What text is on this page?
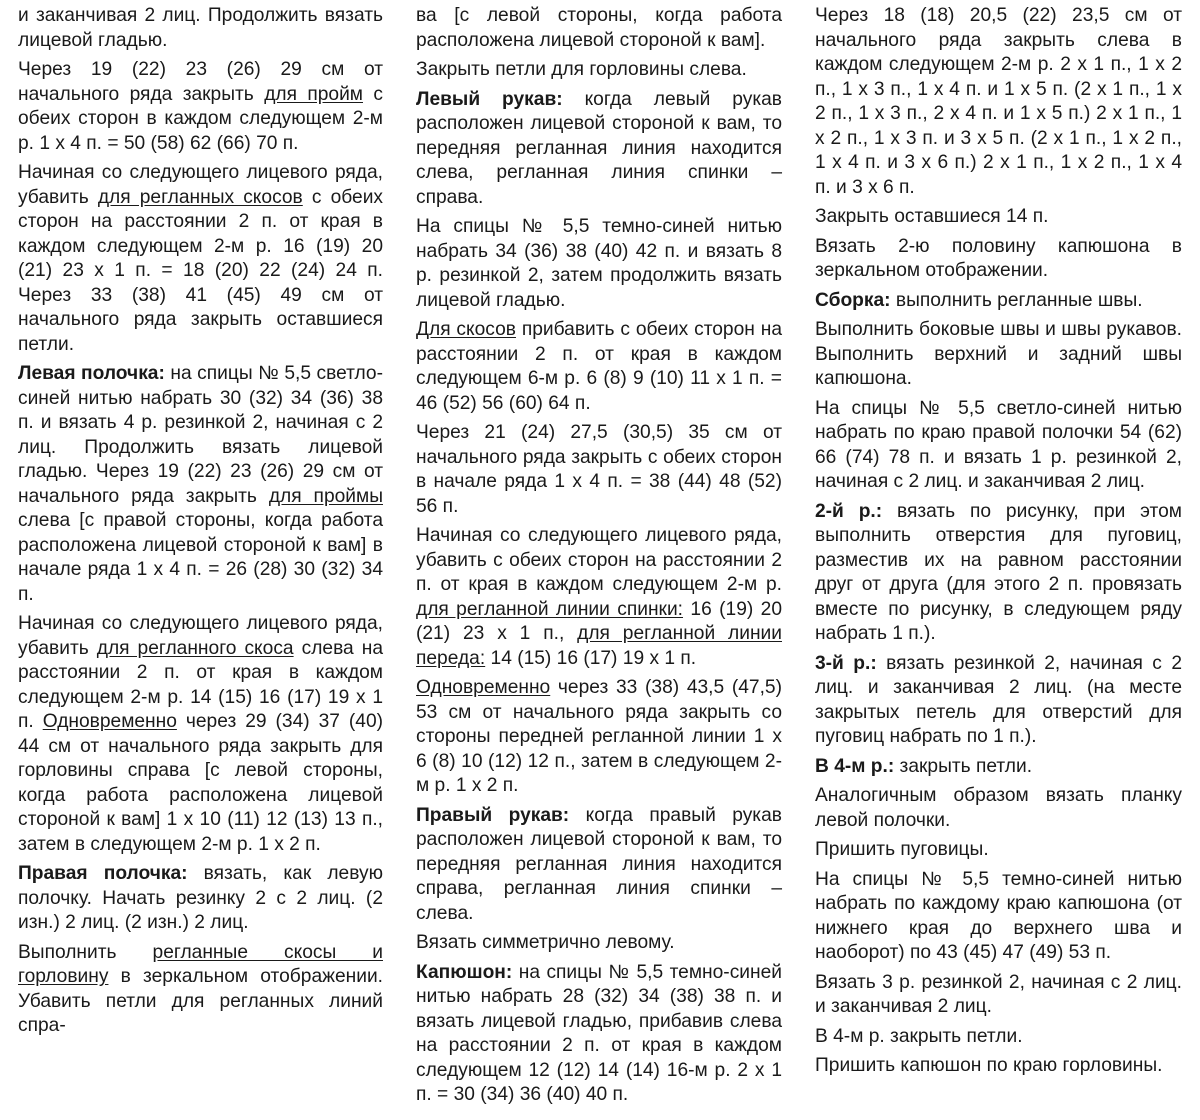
и заканчивая 2 лиц. Продолжить вязать лицевой гладью.

Через 19 (22) 23 (26) 29 см от начального ряда закрыть для пройм с обеих сторон в каждом следующем 2-м р. 1 x 4 п. = 50 (58) 62 (66) 70 п.

Начиная со следующего лицевого ряда, убавить для регланных скосов с обеих сторон на расстоянии 2 п. от края в каждом следующем 2-м р. 16 (19) 20 (21) 23 x 1 п. = 18 (20) 22 (24) 24 п. Через 33 (38) 41 (45) 49 см от начального ряда закрыть оставшиеся петли.

Левая полочка: на спицы № 5,5 светло-синей нитью набрать 30 (32) 34 (36) 38 п. и вязать 4 р. резинкой 2, начиная с 2 лиц. Продолжить вязать лицевой гладью. Через 19 (22) 23 (26) 29 см от начального ряда закрыть для проймы слева [с правой стороны, когда работа расположена лицевой стороной к вам] в начале ряда 1 x 4 п. = 26 (28) 30 (32) 34 п.

Начиная со следующего лицевого ряда, убавить для регланного скоса слева на расстоянии 2 п. от края в каждом следующем 2-м р. 14 (15) 16 (17) 19 x 1 п. Одновременно через 29 (34) 37 (40) 44 см от начального ряда закрыть для горловины справа [с левой стороны, когда работа расположена лицевой стороной к вам] 1 x 10 (11) 12 (13) 13 п., затем в следующем 2-м р. 1 x 2 п.

Правая полочка: вязать, как левую полочку. Начать резинку 2 с 2 лиц. (2 изн.) 2 лиц. (2 изн.) 2 лиц.

Выполнить регланные скосы и горловину в зеркальном отображении. Убавить петли для регланных линий спра-

ва [с левой стороны, когда работа расположена лицевой стороной к вам].

Закрыть петли для горловины слева.

Левый рукав: когда левый рукав расположен лицевой стороной к вам, то передняя регланная линия находится слева, регланная линия спинки – справа.

На спицы № 5,5 темно-синей нитью набрать 34 (36) 38 (40) 42 п. и вязать 8 р. резинкой 2, затем продолжить вязать лицевой гладью.

Для скосов прибавить с обеих сторон на расстоянии 2 п. от края в каждом следующем 6-м р. 6 (8) 9 (10) 11 x 1 п. = 46 (52) 56 (60) 64 п.

Через 21 (24) 27,5 (30,5) 35 см от начального ряда закрыть с обеих сторон в начале ряда 1 x 4 п. = 38 (44) 48 (52) 56 п.

Начиная со следующего лицевого ряда, убавить с обеих сторон на расстоянии 2 п. от края в каждом следующем 2-м р. для регланной линии спинки: 16 (19) 20 (21) 23 x 1 п., для регланной линии переда: 14 (15) 16 (17) 19 x 1 п.

Одновременно через 33 (38) 43,5 (47,5) 53 см от начального ряда закрыть со стороны передней регланной линии 1 x 6 (8) 10 (12) 12 п., затем в следующем 2-м р. 1 x 2 п.

Правый рукав: когда правый рукав расположен лицевой стороной к вам, то передняя регланная линия находится справа, регланная линия спинки – слева.

Вязать симметрично левому.

Капюшон: на спицы № 5,5 темно-синей нитью набрать 28 (32) 34 (38) 38 п. и вязать лицевой гладью, прибавив слева на расстоянии 2 п. от края в каждом следующем 12 (12) 14 (14) 16-м р. 2 x 1 п. = 30 (34) 36 (40) 40 п.

Через 18 (18) 20,5 (22) 23,5 см от начального ряда закрыть слева в каждом следующем 2-м р. 2 x 1 п., 1 x 2 п., 1 x 3 п., 1 x 4 п. и 1 x 5 п. (2 x 1 п., 1 x 2 п., 1 x 3 п., 2 x 4 п. и 1 x 5 п.) 2 x 1 п., 1 x 2 п., 1 x 3 п. и 3 x 5 п. (2 x 1 п., 1 x 2 п., 1 x 4 п. и 3 x 6 п.) 2 x 1 п., 1 x 2 п., 1 x 4 п. и 3 x 6 п.

Закрыть оставшиеся 14 п.

Вязать 2-ю половину капюшона в зеркальном отображении.

Сборка: выполнить регланные швы.

Выполнить боковые швы и швы рукавов. Выполнить верхний и задний швы капюшона.

На спицы № 5,5 светло-синей нитью набрать по краю правой полочки 54 (62) 66 (74) 78 п. и вязать 1 р. резинкой 2, начиная с 2 лиц. и заканчивая 2 лиц.

2-й р.: вязать по рисунку, при этом выполнить отверстия для пуговиц, разместив их на равном расстоянии друг от друга (для этого 2 п. провязать вместе по рисунку, в следующем ряду набрать 1 п.).

3-й р.: вязать резинкой 2, начиная с 2 лиц. и заканчивая 2 лиц. (на месте закрытых петель для отверстий для пуговиц набрать по 1 п.).

В 4-м р.: закрыть петли.

Аналогичным образом вязать планку левой полочки.

Пришить пуговицы.

На спицы № 5,5 темно-синей нитью набрать по каждому краю капюшона (от нижнего края до верхнего шва и наоборот) по 43 (45) 47 (49) 53 п.

Вязать 3 р. резинкой 2, начиная с 2 лиц. и заканчивая 2 лиц.

В 4-м р. закрыть петли.

Пришить капюшон по краю горловины.
